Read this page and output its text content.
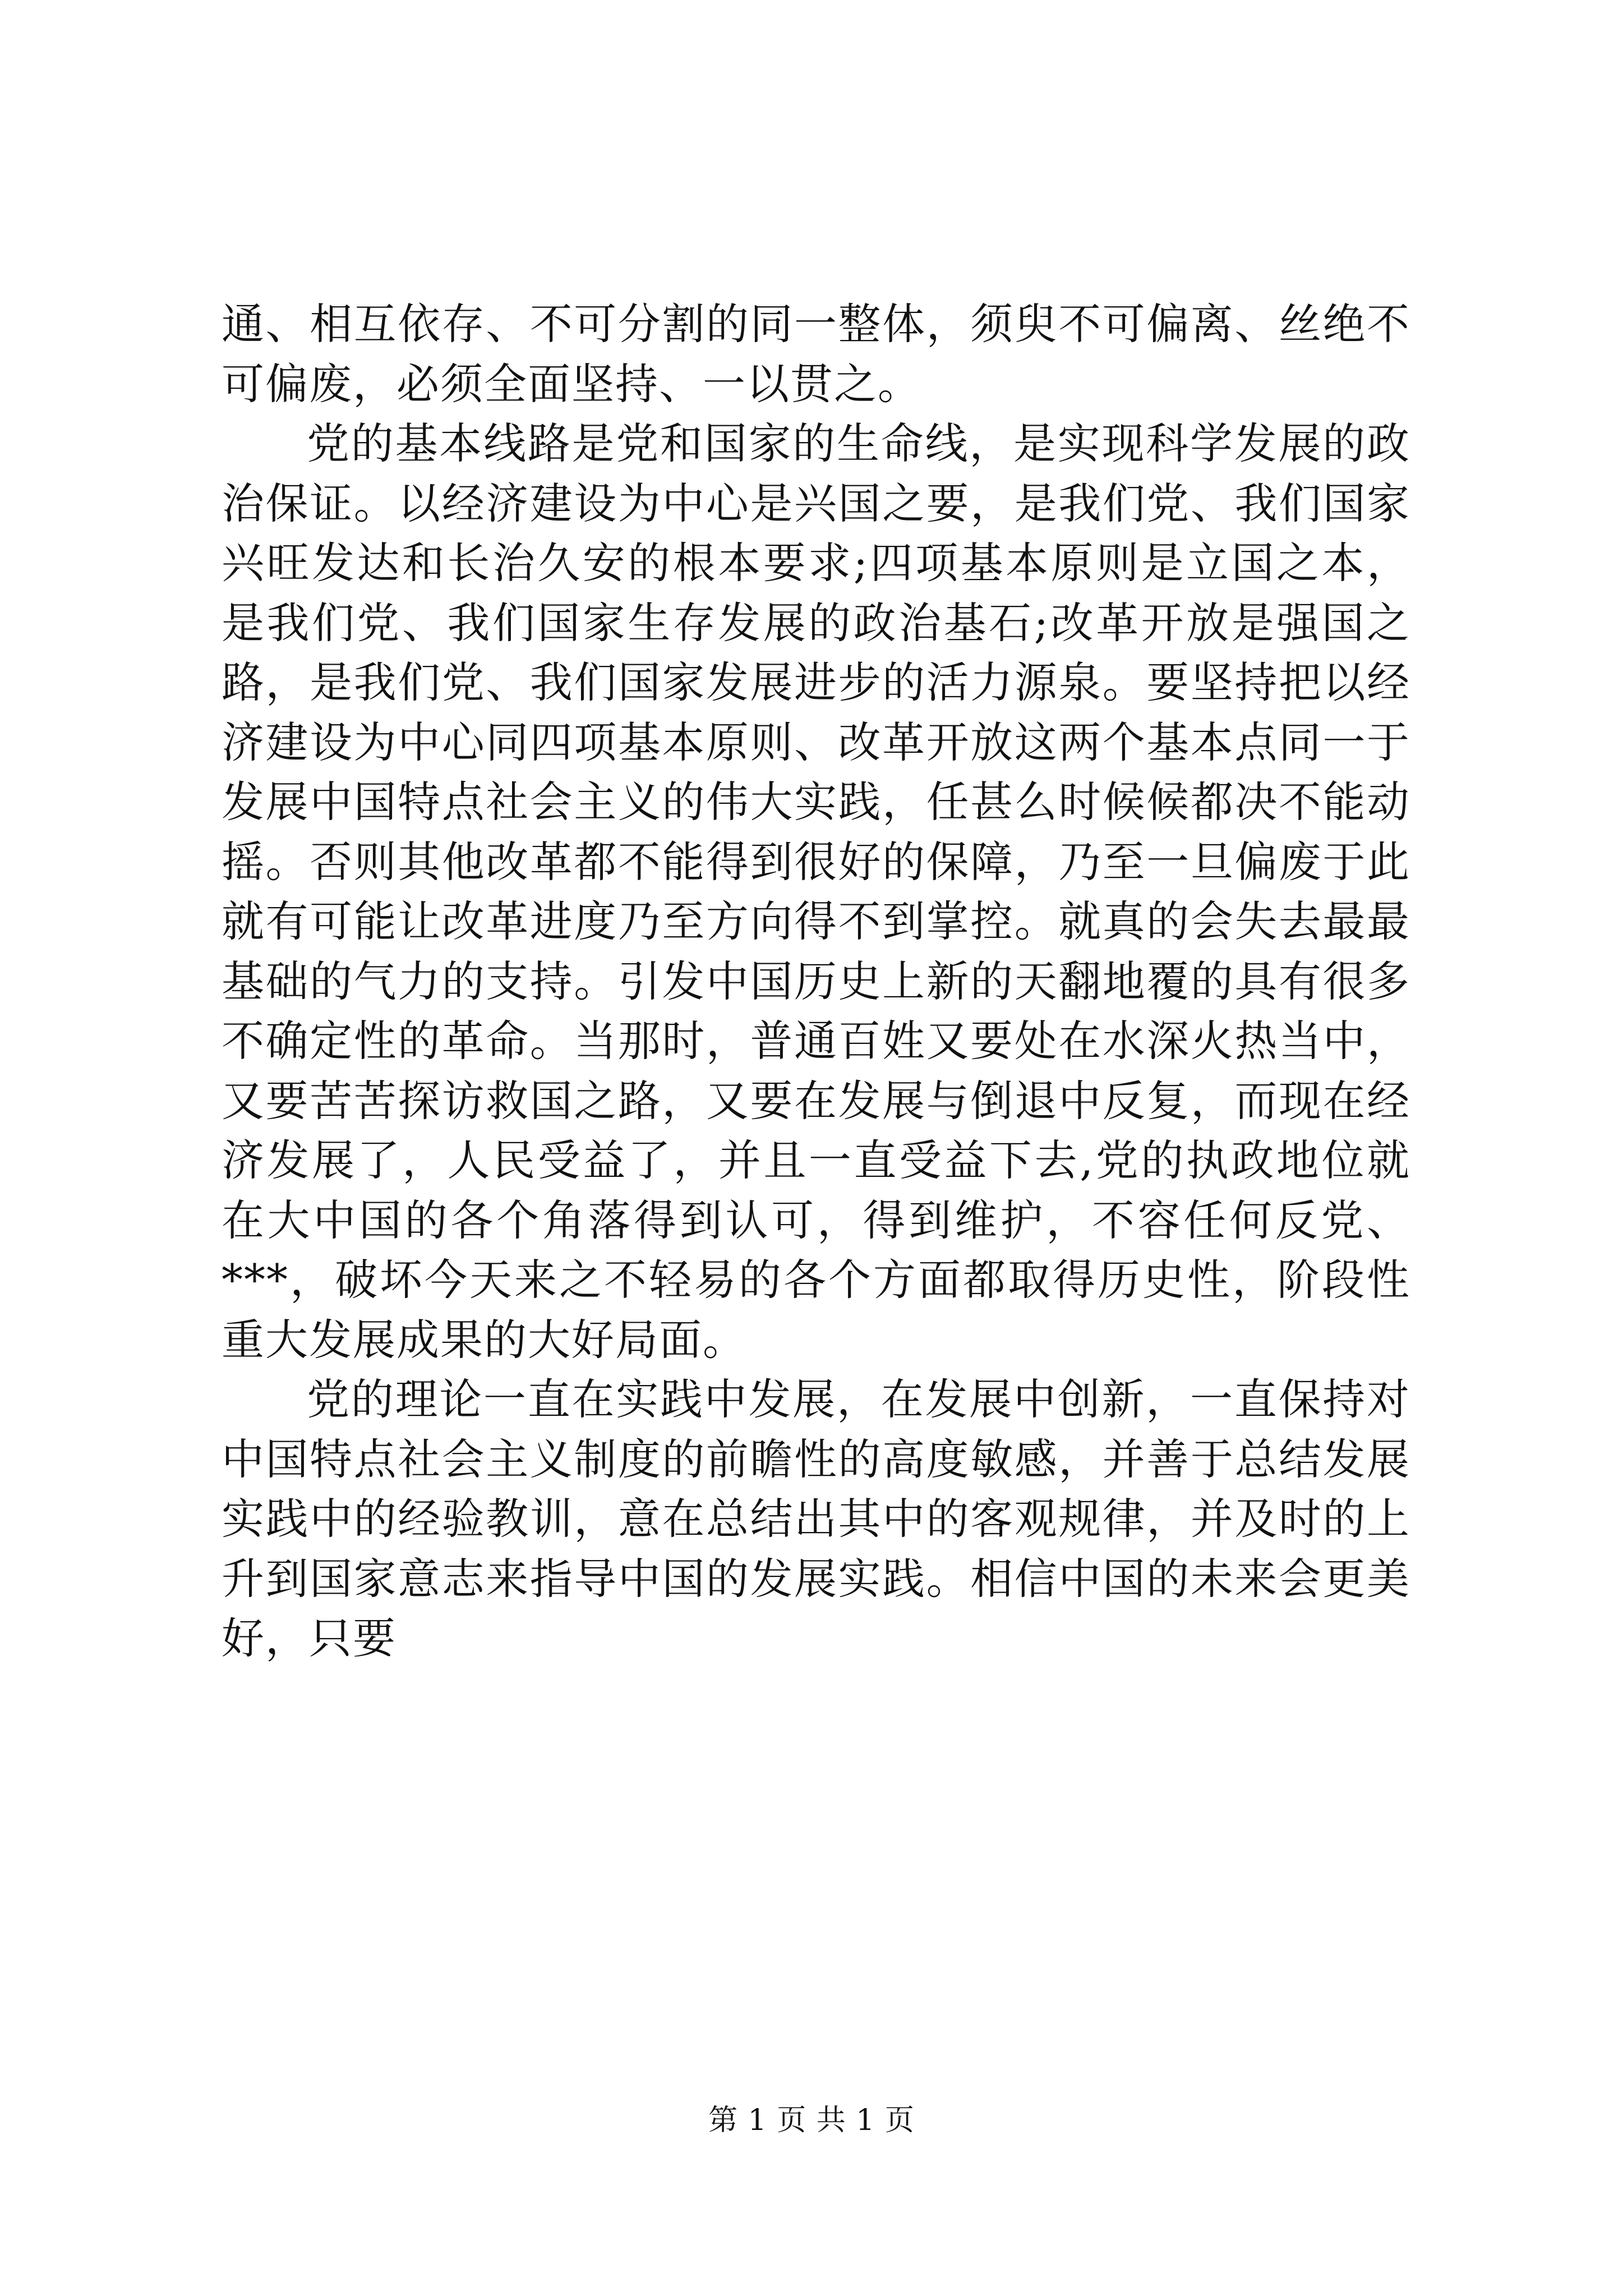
通、相互依存、不可分割的同一整体，须臾不可偏离、丝绝不可偏废，必须全面坚持、一以贯之。

党的基本线路是党和国家的生命线，是实现科学发展的政治保证。以经济建设为中心是兴国之要，是我们党、我们国家兴旺发达和长治久安的根本要求;四项基本原则是立国之本，是我们党、我们国家生存发展的政治基石;改革开放是强国之路，是我们党、我们国家发展进步的活力源泉。要坚持把以经济建设为中心同四项基本原则、改革开放这两个基本点同一于发展中国特点社会主义的伟大实践，任甚么时候候都决不能动摇。否则其他改革都不能得到很好的保障，乃至一旦偏废于此就有可能让改革进度乃至方向得不到掌控。就真的会失去最最基础的气力的支持。引发中国历史上新的天翻地覆的具有很多不确定性的革命。当那时，普通百姓又要处在水深火热当中，又要苦苦探访救国之路，又要在发展与倒退中反复，而现在经济发展了，人民受益了，并且一直受益下去,党的执政地位就在大中国的各个角落得到认可，得到维护，不容任何反党、***，破坏今天来之不轻易的各个方面都取得历史性，阶段性重大发展成果的大好局面。

党的理论一直在实践中发展，在发展中创新，一直保持对中国特点社会主义制度的前瞻性的高度敏感，并善于总结发展实践中的经验教训，意在总结出其中的客观规律，并及时的上升到国家意志来指导中国的发展实践。相信中国的未来会更美好，只要

第 1 页 共 1 页
